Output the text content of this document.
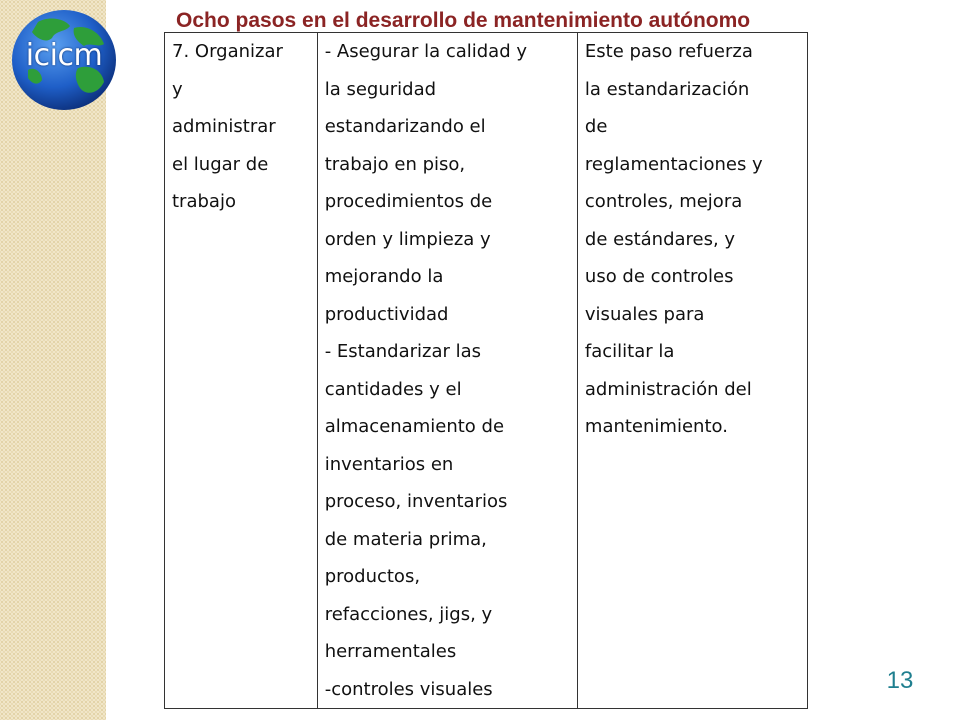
icicm
Ocho pasos en el desarrollo de mantenimiento autónomo
7. Organizar
y
administrar
el lugar de
trabajo

- Asegurar la calidad y
la seguridad
estandarizando el
trabajo en piso,
procedimientos de
orden y limpieza y
mejorando la
productividad
- Estandarizar las
cantidades y el
almacenamiento de
inventarios en
proceso, inventarios
de materia prima,
productos,
refacciones, jigs, y
herramentales
-controles visuales

Este paso refuerza
la estandarización
de
reglamentaciones y
controles, mejora
de estándares, y
uso de controles
visuales para
facilitar la
administración del
mantenimiento.
13
